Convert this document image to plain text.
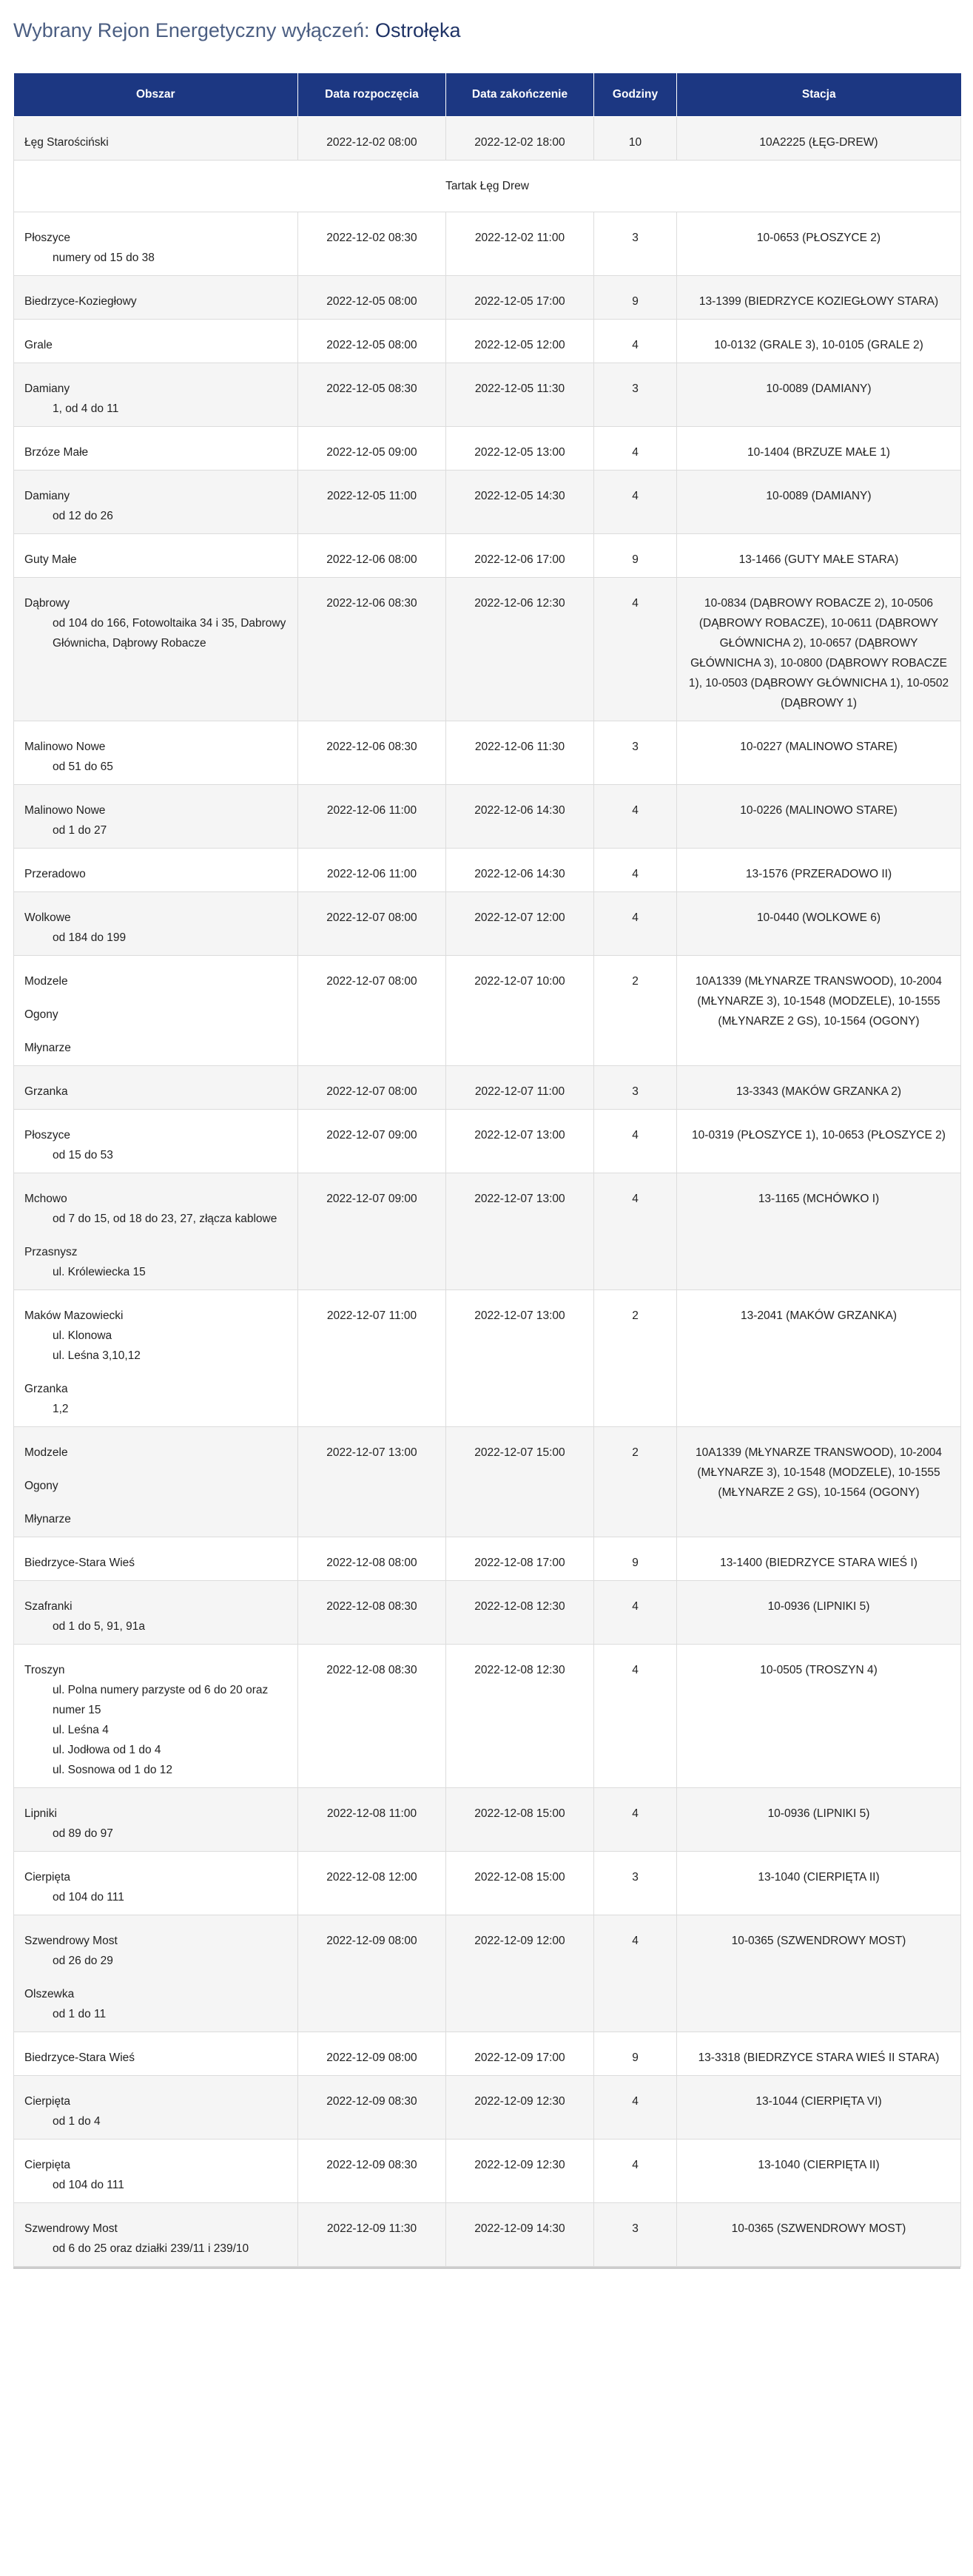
Wybrany Rejon Energetyczny wyłączeń: Ostrołęka
Obszar	Data rozpoczęcia	Data zakończenie	Godziny	Stacja

Łęg Starościński	2022-12-02 08:00	2022-12-02 18:00	10	10A2225 (ŁĘG-DREW)
Tartak Łęg Drew				

Płoszyce
numery od 15 do 38	2022-12-02 08:30	2022-12-02 11:00	3	10-0653 (PŁOSZYCE 2)

Biedrzyce-Koziegłowy	2022-12-05 08:00	2022-12-05 17:00	9	13-1399 (BIEDRZYCE KOZIEGŁOWY STARA)

Grale	2022-12-05 08:00	2022-12-05 12:00	4	10-0132 (GRALE 3), 10-0105 (GRALE 2)

Damiany
1, od 4 do 11	2022-12-05 08:30	2022-12-05 11:30	3	10-0089 (DAMIANY)

Brzóze Małe	2022-12-05 09:00	2022-12-05 13:00	4	10-1404 (BRZUZE MAŁE 1)

Damiany
od 12 do 26	2022-12-05 11:00	2022-12-05 14:30	4	10-0089 (DAMIANY)

Guty Małe	2022-12-06 08:00	2022-12-06 17:00	9	13-1466 (GUTY MAŁE STARA)

Dąbrowy
od 104 do 166, Fotowoltaika 34 i 35, Dabrowy Główniсha, Dąbrowy Robacze	2022-12-06 08:30	2022-12-06 12:30	4	10-0834 (DĄBROWY ROBACZE 2), 10-0506 (DĄBROWY ROBACZE), 10-0611 (DĄBROWY GŁÓWNICHA 2), 10-0657 (DĄBROWY GŁÓWNICHA 3), 10-0800 (DĄBROWY ROBACZE 1), 10-0503 (DĄBROWY GŁÓWNICHA 1), 10-0502 (DĄBROWY 1)

Malinowo Nowe
od 51 do 65	2022-12-06 08:30	2022-12-06 11:30	3	10-0227 (MALINOWO STARE)

Malinowo Nowe
od 1 do 27	2022-12-06 11:00	2022-12-06 14:30	4	10-0226 (MALINOWO STARE)

Przeradowo	2022-12-06 11:00	2022-12-06 14:30	4	13-1576 (PRZERADOWO II)

Wolkowe
od 184 do 199	2022-12-07 08:00	2022-12-07 12:00	4	10-0440 (WOLKOWE 6)

Modzele
Ogony
Młynarze	2022-12-07 08:00	2022-12-07 10:00	2	10A1339 (MŁYNARZE TRANSWOOD), 10-2004 (MŁYNARZE 3), 10-1548 (MODZELE), 10-1555 (MŁYNARZE 2 GS), 10-1564 (OGONY)

Grzanka	2022-12-07 08:00	2022-12-07 11:00	3	13-3343 (MAKÓW GRZANKA 2)

Płoszyce
od 15 do 53	2022-12-07 09:00	2022-12-07 13:00	4	10-0319 (PŁOSZYCE 1), 10-0653 (PŁOSZYCE 2)

Mchowo
od 7 do 15, od 18 do 23, 27, złącza kablowe
Przasnysz
ul. Królewiecka 15	2022-12-07 09:00	2022-12-07 13:00	4	13-1165 (MCHÓWKO I)

Maków Mazowiecki
ul. Klonowa
ul. Leśna 3,10,12
Grzanka
1,2	2022-12-07 11:00	2022-12-07 13:00	2	13-2041 (MAKÓW GRZANKA)

Modzele
Ogony
Młynarze	2022-12-07 13:00	2022-12-07 15:00	2	10A1339 (MŁYNARZE TRANSWOOD), 10-2004 (MŁYNARZE 3), 10-1548 (MODZELE), 10-1555 (MŁYNARZE 2 GS), 10-1564 (OGONY)

Biedrzyce-Stara Wieś	2022-12-08 08:00	2022-12-08 17:00	9	13-1400 (BIEDRZYCE STARA WIEŚ I)

Szafranki
od 1 do 5, 91, 91a	2022-12-08 08:30	2022-12-08 12:30	4	10-0936 (LIPNIKI 5)

Troszyn
ul. Polna numery parzyste od 6 do 20 oraz numer 15
ul. Leśna 4
ul. Jodłowa od 1 do 4
ul. Sosnowa od 1 do 12	2022-12-08 08:30	2022-12-08 12:30	4	10-0505 (TROSZYN 4)

Lipniki
od 89 do 97	2022-12-08 11:00	2022-12-08 15:00	4	10-0936 (LIPNIKI 5)

Cierpięta
od 104 do 111	2022-12-08 12:00	2022-12-08 15:00	3	13-1040 (CIERPIĘTA II)

Szwendrowy Most
od 26 do 29
Olszewka
od 1 do 11	2022-12-09 08:00	2022-12-09 12:00	4	10-0365 (SZWENDROWY MOST)

Biedrzyce-Stara Wieś	2022-12-09 08:00	2022-12-09 17:00	9	13-3318 (BIEDRZYCE STARA WIEŚ II STARA)

Cierpięta
od 1 do 4	2022-12-09 08:30	2022-12-09 12:30	4	13-1044 (CIERPIĘTA VI)

Cierpięta
od 104 do 111	2022-12-09 08:30	2022-12-09 12:30	4	13-1040 (CIERPIĘTA II)

Szwendrowy Most
od 6 do 25 oraz działki 239/11 i 239/10	2022-12-09 11:30	2022-12-09 14:30	3	10-0365 (SZWENDROWY MOST)
